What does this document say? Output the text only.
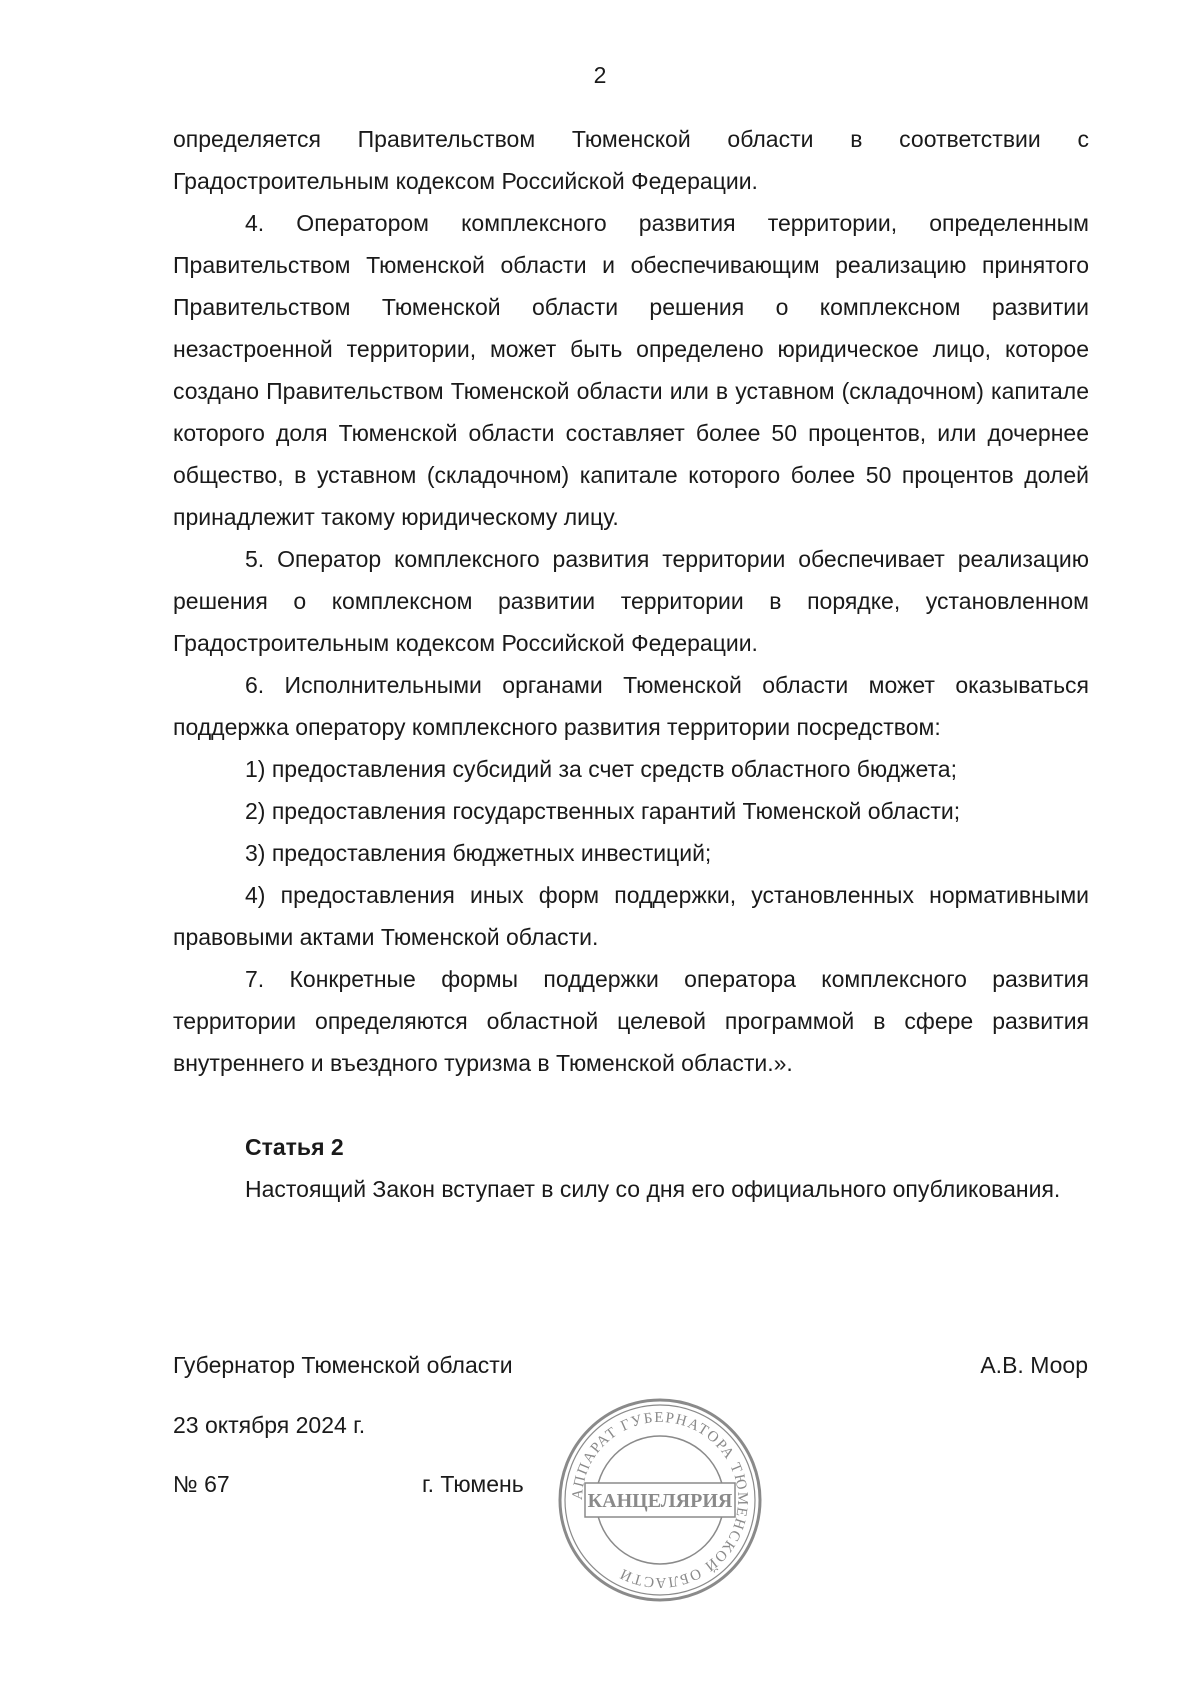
2

определяется Правительством Тюменской области в соответствии с Градостроительным кодексом Российской Федерации.

4. Оператором комплексного развития территории, определенным Правительством Тюменской области и обеспечивающим реализацию принятого Правительством Тюменской области решения о комплексном развитии незастроенной территории, может быть определено юридическое лицо, которое создано Правительством Тюменской области или в уставном (складочном) капитале которого доля Тюменской области составляет более 50 процентов, или дочернее общество, в уставном (складочном) капитале которого более 50 процентов долей принадлежит такому юридическому лицу.

5. Оператор комплексного развития территории обеспечивает реализацию решения о комплексном развитии территории в порядке, установленном Градостроительным кодексом Российской Федерации.

6. Исполнительными органами Тюменской области может оказываться поддержка оператору комплексного развития территории посредством:

1) предоставления субсидий за счет средств областного бюджета;

2) предоставления государственных гарантий Тюменской области;

3) предоставления бюджетных инвестиций;

4) предоставления иных форм поддержки, установленных нормативными правовыми актами Тюменской области.

7. Конкретные формы поддержки оператора комплексного развития территории определяются областной целевой программой в сфере развития внутреннего и въездного туризма в Тюменской области.».

Статья 2

Настоящий Закон вступает в силу со дня его официального опубликования.

Губернатор Тюменской области	А.В. Моор
23 октября 2024 г.
№ 67	г. Тюмень	АППАРАТ ГУБЕРНАТОРА ТЮМЕНСКОЙ ОБЛАСТИ
КАНЦЕЛЯРИЯ
